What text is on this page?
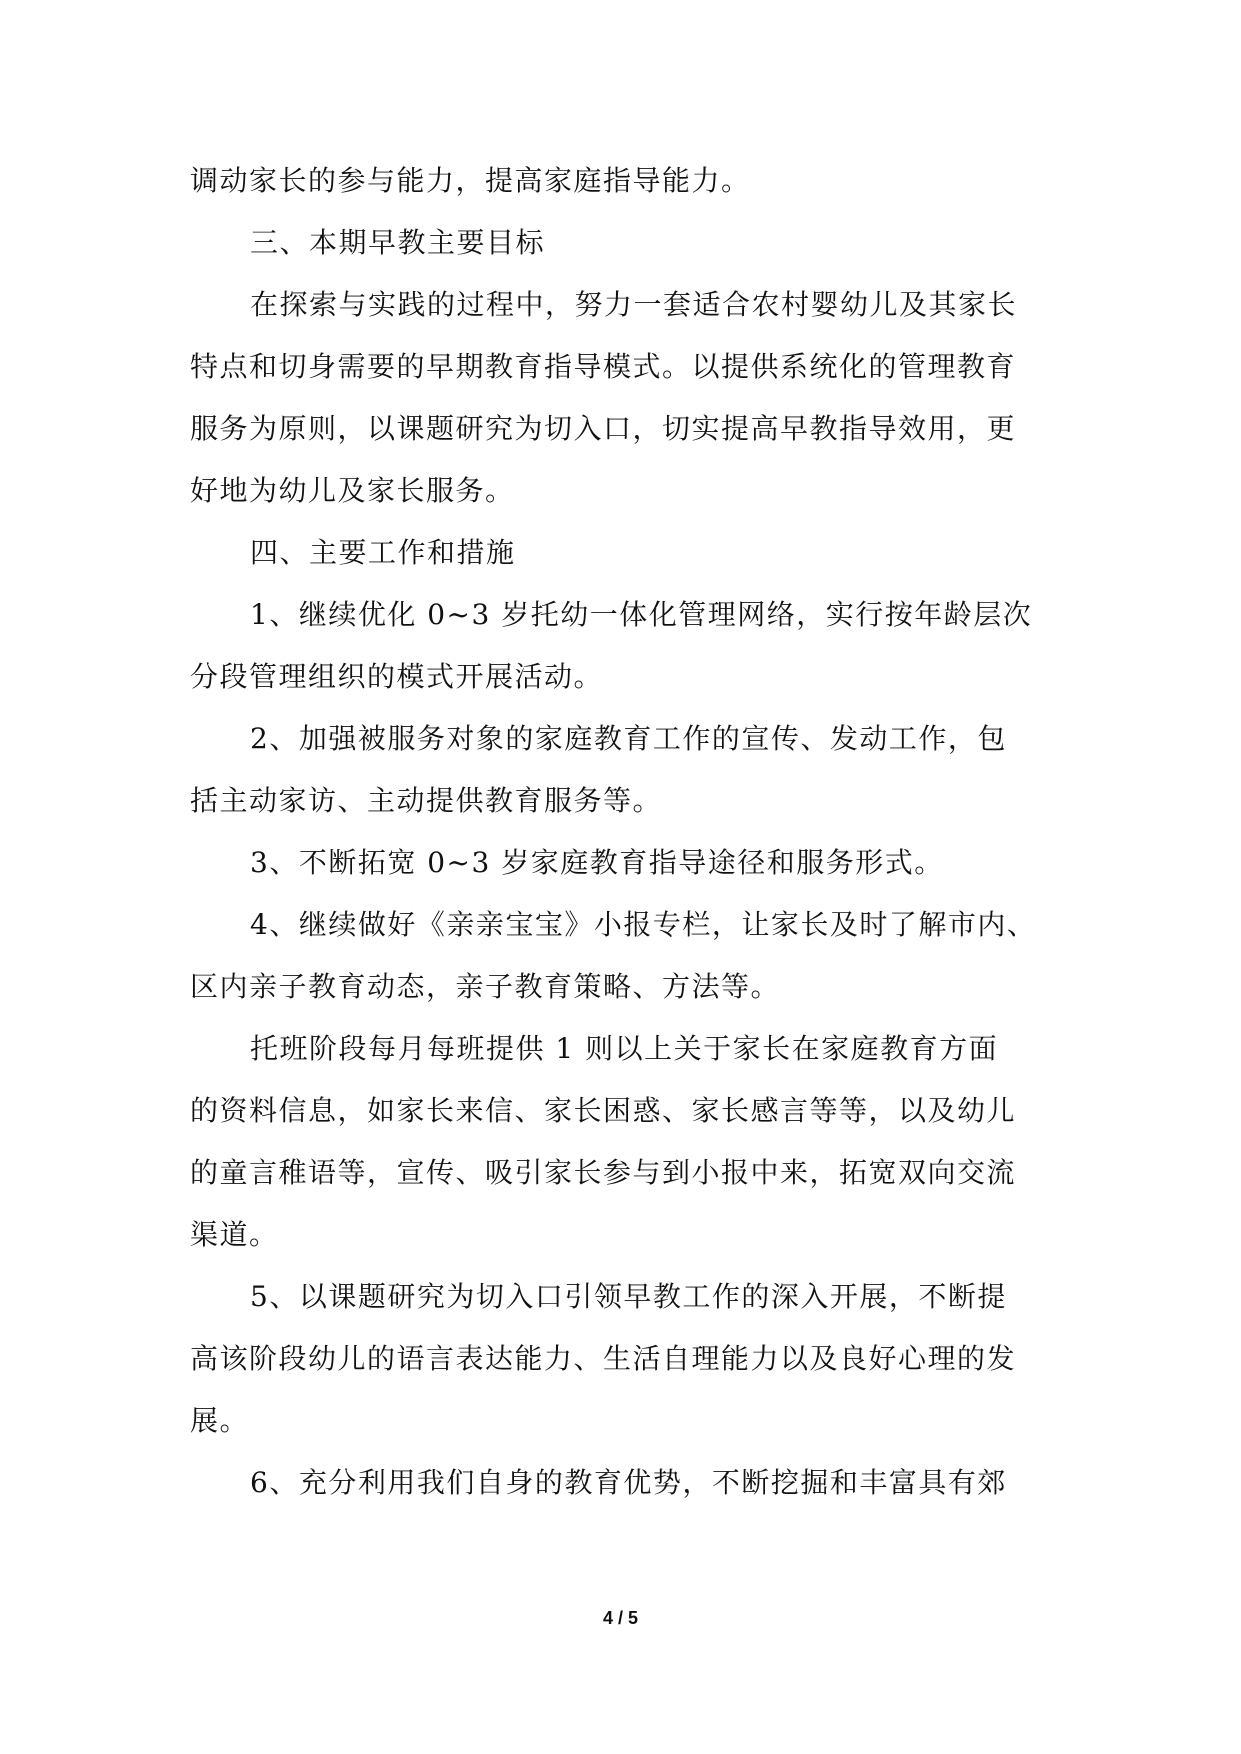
调动家长的参与能力，提高家庭指导能力。
三、本期早教主要目标
在探索与实践的过程中，努力一套适合农村婴幼儿及其家长
特点和切身需要的早期教育指导模式。以提供系统化的管理教育
服务为原则，以课题研究为切入口，切实提高早教指导效用，更
好地为幼儿及家长服务。
四、主要工作和措施
1、继续优化 0~3 岁托幼一体化管理网络，实行按年龄层次
分段管理组织的模式开展活动。
2、加强被服务对象的家庭教育工作的宣传、发动工作，包
括主动家访、主动提供教育服务等。
3、不断拓宽 0~3 岁家庭教育指导途径和服务形式。
4、继续做好《亲亲宝宝》小报专栏，让家长及时了解市内、
区内亲子教育动态，亲子教育策略、方法等。
托班阶段每月每班提供 1 则以上关于家长在家庭教育方面
的资料信息，如家长来信、家长困惑、家长感言等等，以及幼儿
的童言稚语等，宣传、吸引家长参与到小报中来，拓宽双向交流
渠道。
5、以课题研究为切入口引领早教工作的深入开展，不断提
高该阶段幼儿的语言表达能力、生活自理能力以及良好心理的发
展。
6、充分利用我们自身的教育优势，不断挖掘和丰富具有郊
4 / 5
